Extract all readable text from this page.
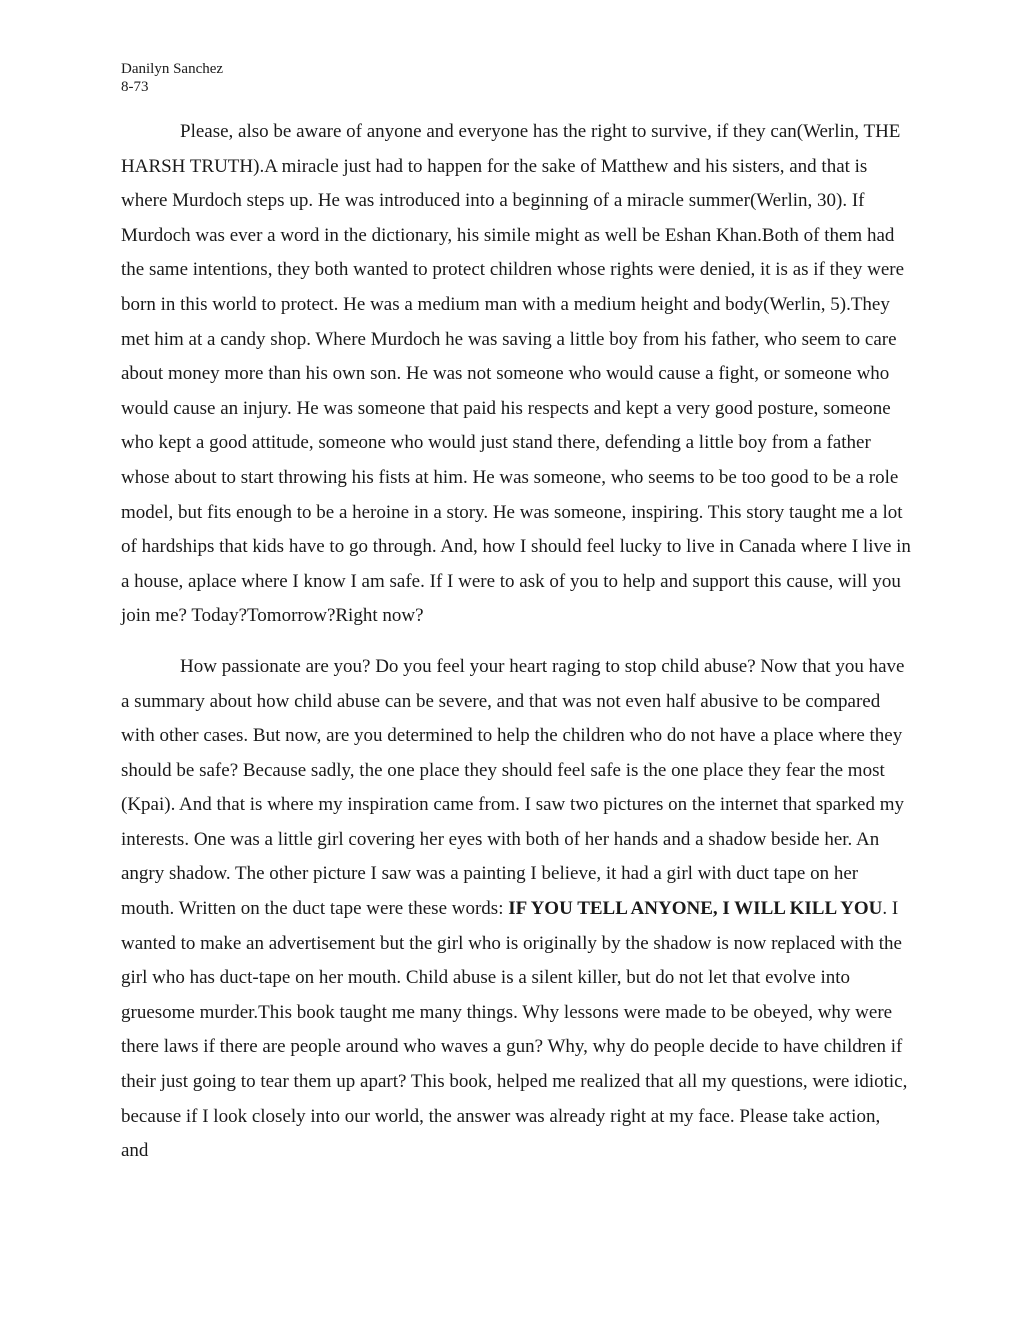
Danilyn Sanchez
8-73

Please, also be aware of anyone and everyone has the right to survive, if they can(Werlin, THE HARSH TRUTH).A miracle just had to happen for the sake of Matthew and his sisters, and that is where Murdoch steps up. He was introduced into a beginning of a miracle summer(Werlin, 30). If Murdoch was ever a word in the dictionary, his simile might as well be Eshan Khan.Both of them had the same intentions, they both wanted to protect children whose rights were denied, it is as if they were born in this world to protect. He was a medium man with a medium height and body(Werlin, 5).They met him at a candy shop. Where Murdoch he was saving a little boy from his father, who seem to care about money more than his own son. He was not someone who would cause a fight, or someone who would cause an injury. He was someone that paid his respects and kept a very good posture, someone who kept a good attitude, someone who would just stand there, defending a little boy from a father whose about to start throwing his fists at him. He was someone, who seems to be too good to be a role model, but fits enough to be a heroine in a story. He was someone, inspiring. This story taught me a lot of hardships that kids have to go through. And, how I should feel lucky to live in Canada where I live in a house, aplace where I know I am safe. If I were to ask of you to help and support this cause, will you join me? Today?Tomorrow?Right now?

How passionate are you? Do you feel your heart raging to stop child abuse? Now that you have a summary about how child abuse can be severe, and that was not even half abusive to be compared with other cases. But now, are you determined to help the children who do not have a place where they should be safe? Because sadly, the one place they should feel safe is the one place they fear the most (Kpai). And that is where my inspiration came from. I saw two pictures on the internet that sparked my interests. One was a little girl covering her eyes with both of her hands and a shadow beside her. An angry shadow. The other picture I saw was a painting I believe, it had a girl with duct tape on her mouth. Written on the duct tape were these words: IF YOU TELL ANYONE, I WILL KILL YOU. I wanted to make an advertisement but the girl who is originally by the shadow is now replaced with the girl who has duct-tape on her mouth. Child abuse is a silent killer, but do not let that evolve into gruesome murder.This book taught me many things. Why lessons were made to be obeyed, why were there laws if there are people around who waves a gun? Why, why do people decide to have children if their just going to tear them up apart? This book, helped me realized that all my questions, were idiotic, because if I look closely into our world, the answer was already right at my face. Please take action, and
